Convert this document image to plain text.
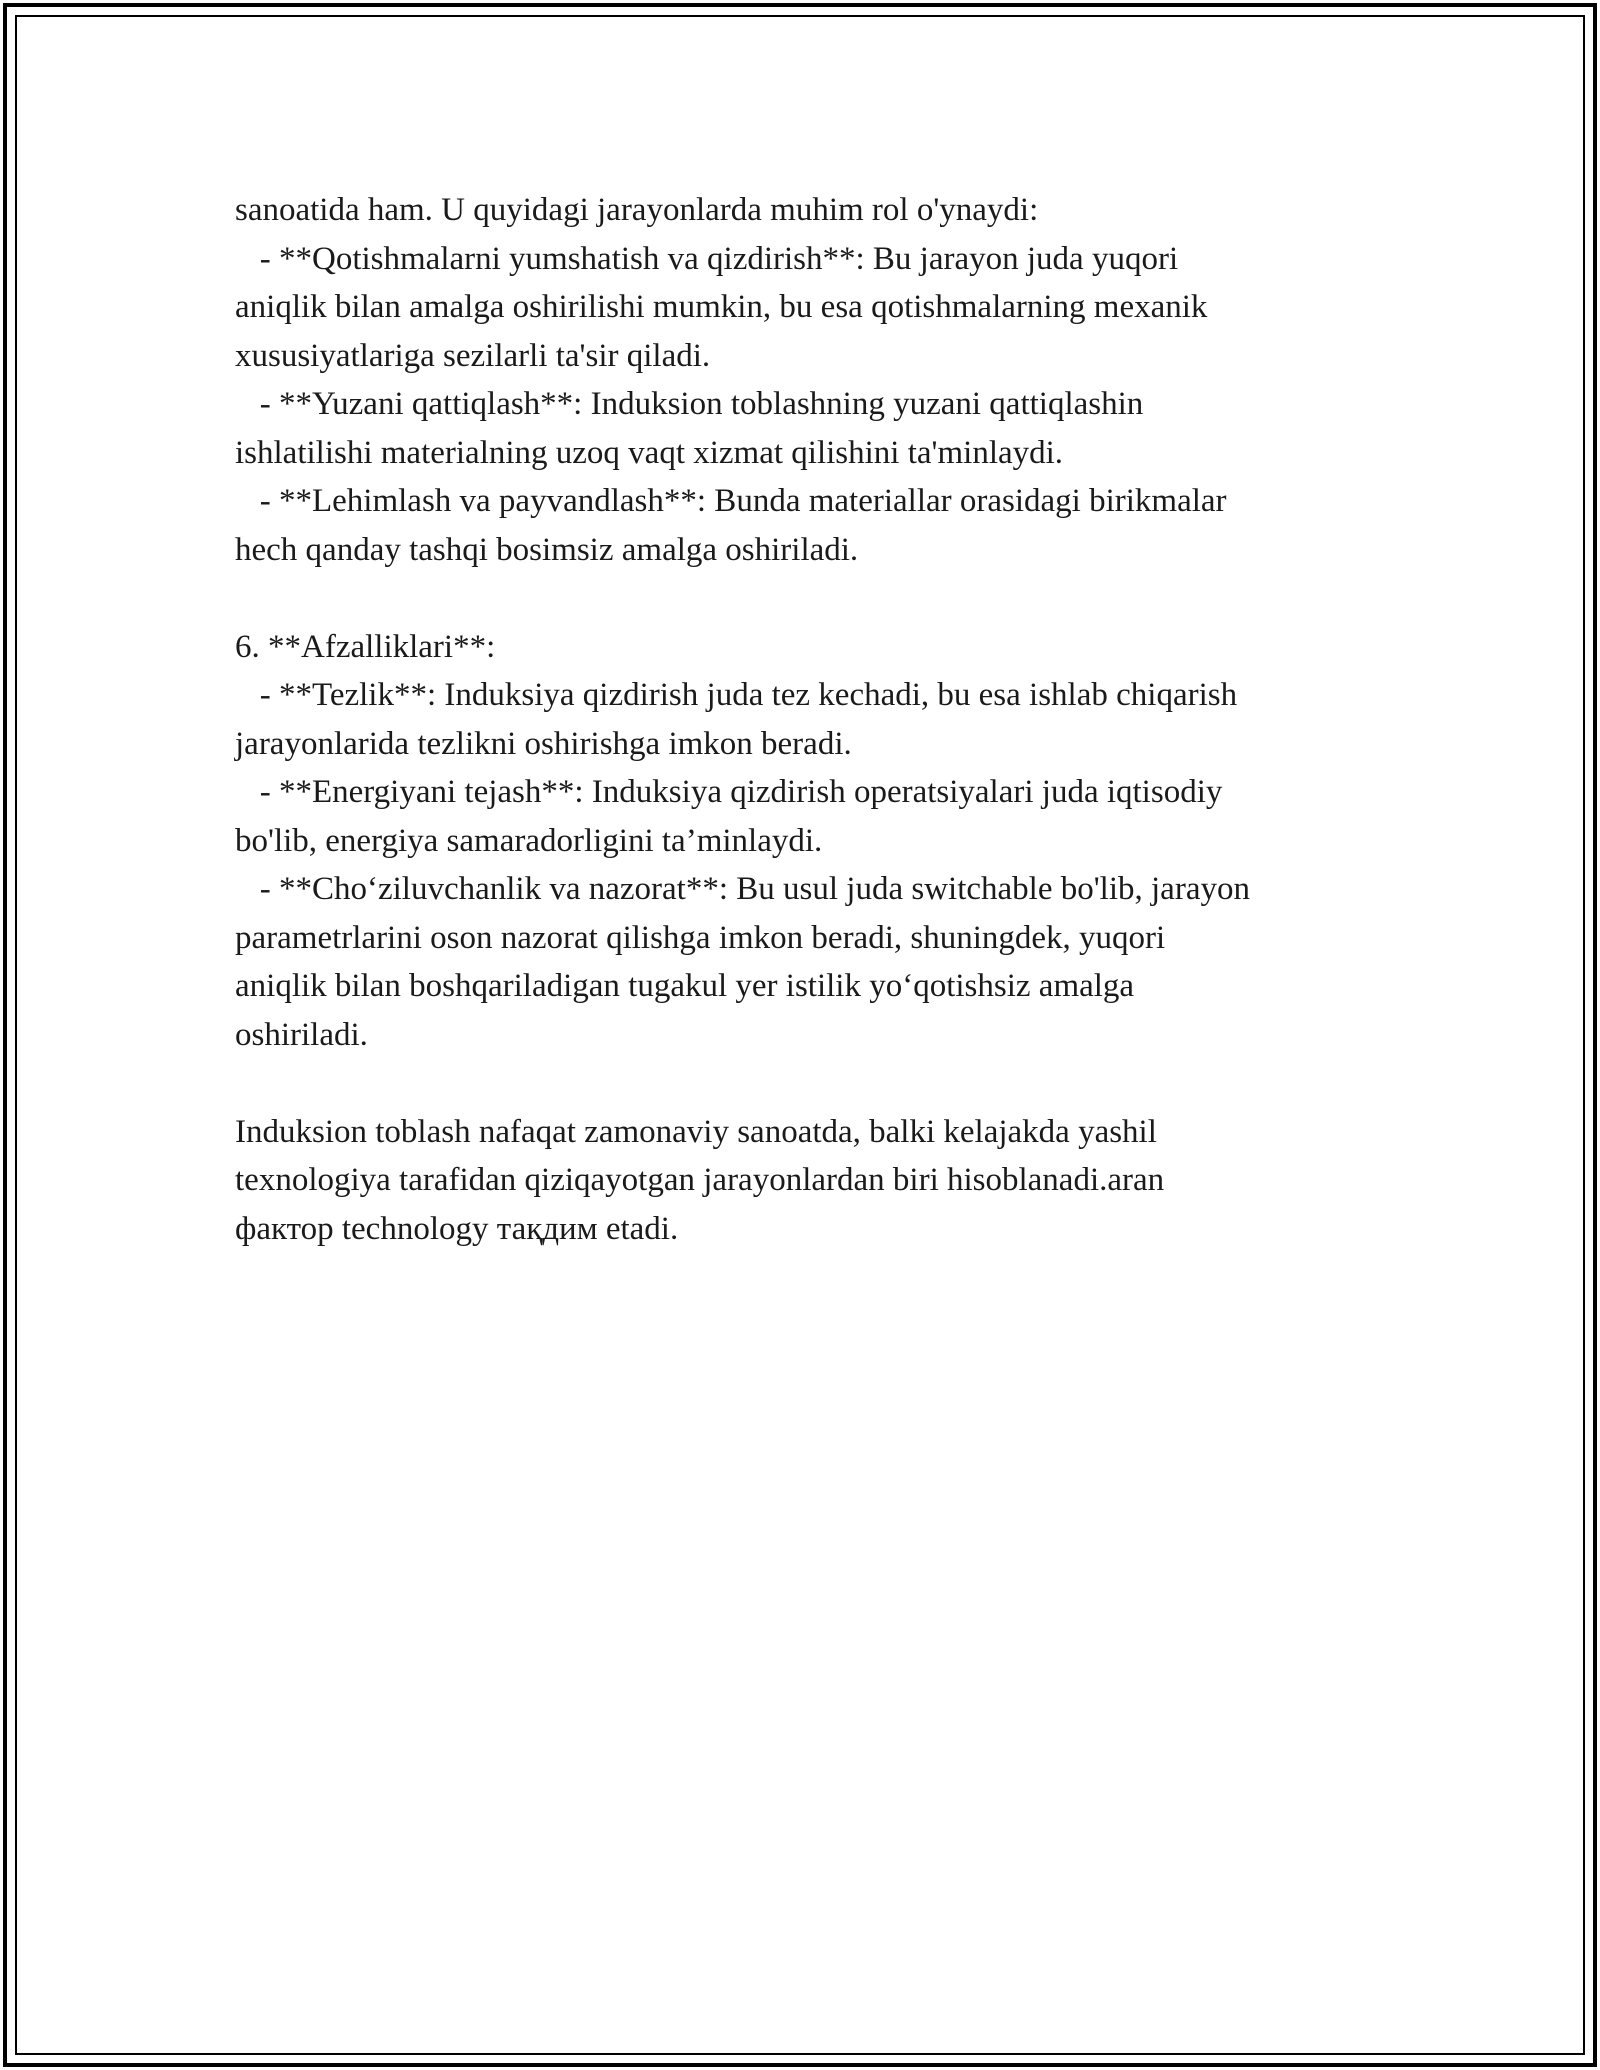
sanoatida ham. U quyidagi jarayonlarda muhim rol o'ynaydi:
- **Qotishmalarni yumshatish va qizdirish**: Bu jarayon juda yuqori
aniqlik bilan amalga oshirilishi mumkin, bu esa qotishmalarning mexanik
xususiyatlariga sezilarli ta'sir qiladi.
- **Yuzani qattiqlash**: Induksion toblashning yuzani qattiqlashin
ishlatilishi materialning uzoq vaqt xizmat qilishini ta'minlaydi.
- **Lehimlash va payvandlash**: Bunda materiallar orasidagi birikmalar
hech qanday tashqi bosimsiz amalga oshiriladi.
6. **Afzalliklari**:
- **Tezlik**: Induksiya qizdirish juda tez kechadi, bu esa ishlab chiqarish
jarayonlarida tezlikni oshirishga imkon beradi.
- **Energiyani tejash**: Induksiya qizdirish operatsiyalari juda iqtisodiy
bo'lib, energiya samaradorligini ta’minlaydi.
- **Cho‘ziluvchanlik va nazorat**: Bu usul juda switchable bo'lib, jarayon
parametrlarini oson nazorat qilishga imkon beradi, shuningdek, yuqori
aniqlik bilan boshqariladigan tugakul yer istilik yo‘qotishsiz amalga
oshiriladi.
Induksion toblash nafaqat zamonaviy sanoatda, balki kelajakda yashil
texnologiya tarafidan qiziqayotgan jarayonlardan biri hisoblanadi.aran
фактор technology тақдим etadi.
